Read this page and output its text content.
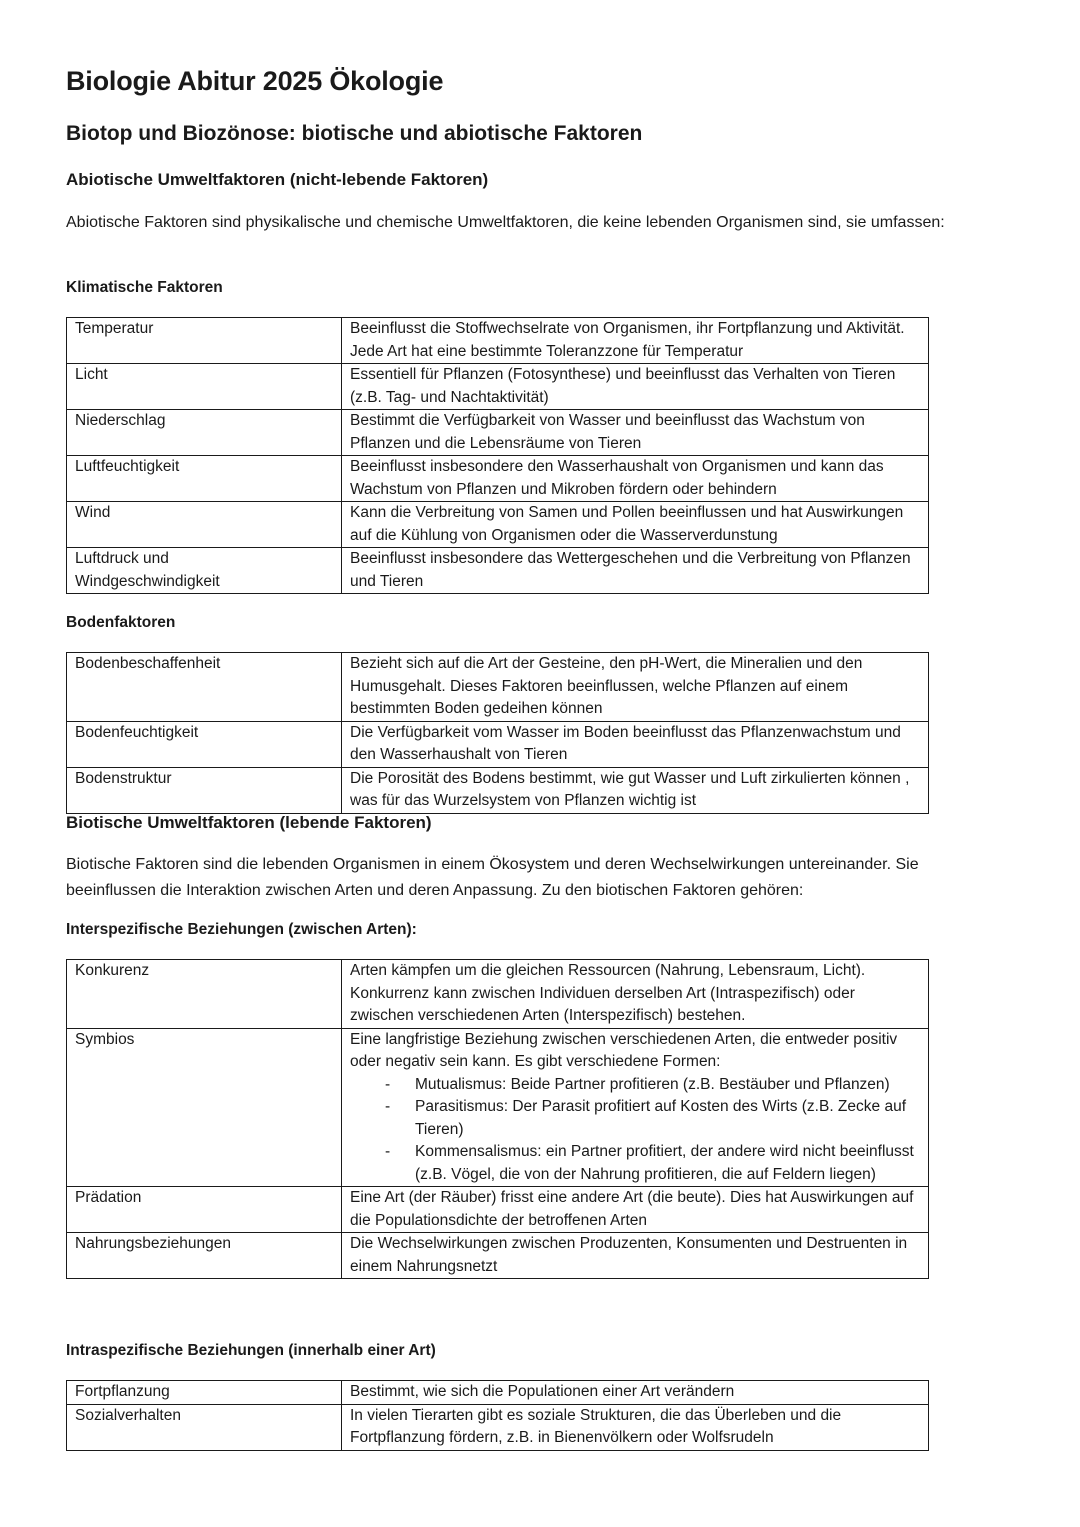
Biologie Abitur 2025 Ökologie
Biotop und Biozönose: biotische und abiotische Faktoren
Abiotische Umweltfaktoren (nicht-lebende Faktoren)
Abiotische Faktoren sind physikalische und chemische Umweltfaktoren, die keine lebenden Organismen sind, sie umfassen:
Klimatische Faktoren
Temperatur	Beeinflusst die Stoffwechselrate von Organismen, ihr Fortpflanzung und Aktivität. Jede Art hat eine bestimmte Toleranzzone für Temperatur
Licht	Essentiell für Pflanzen (Fotosynthese) und beeinflusst das Verhalten von Tieren (z.B. Tag- und Nachtaktivität)
Niederschlag	Bestimmt die Verfügbarkeit von Wasser und beeinflusst das Wachstum von Pflanzen und die Lebensräume von Tieren
Luftfeuchtigkeit	Beeinflusst insbesondere den Wasserhaushalt von Organismen und kann das Wachstum von Pflanzen und Mikroben fördern oder behindern
Wind	Kann die Verbreitung von Samen und Pollen beeinflussen und hat Auswirkungen auf die Kühlung von Organismen oder die Wasserverdunstung
Luftdruck und Windgeschwindigkeit	Beeinflusst insbesondere das Wettergeschehen und die Verbreitung von Pflanzen und Tieren
Bodenfaktoren
Bodenbeschaffenheit	Bezieht sich auf die Art der Gesteine, den pH-Wert, die Mineralien und den Humusgehalt. Dieses Faktoren beeinflussen, welche Pflanzen auf einem bestimmten Boden gedeihen können
Bodenfeuchtigkeit	Die Verfügbarkeit vom Wasser im Boden beeinflusst das Pflanzenwachstum und den Wasserhaushalt von Tieren
Bodenstruktur	Die Porosität des Bodens bestimmt, wie gut Wasser und Luft zirkulierten können , was für das Wurzelsystem von Pflanzen wichtig ist
Biotische Umweltfaktoren (lebende Faktoren)
Biotische Faktoren sind die lebenden Organismen in einem Ökosystem und deren Wechselwirkungen untereinander. Sie beeinflussen die Interaktion zwischen Arten und deren Anpassung. Zu den biotischen Faktoren gehören:
Interspezifische Beziehungen (zwischen Arten):
Konkurenz	Arten kämpfen um die gleichen Ressourcen (Nahrung, Lebensraum, Licht). Konkurrenz kann zwischen Individuen derselben Art (Intraspezifisch) oder zwischen verschiedenen Arten (Interspezifisch) bestehen.
Symbios	Eine langfristige Beziehung zwischen verschiedenen Arten, die entweder positiv oder negativ sein kann. Es gibt verschiedene Formen:
- Mutualismus: Beide Partner profitieren (z.B. Bestäuber und Pflanzen)
- Parasitismus: Der Parasit profitiert auf Kosten des Wirts (z.B. Zecke auf Tieren)
- Kommensalismus: ein Partner profitiert, der andere wird nicht beeinflusst (z.B. Vögel, die von der Nahrung profitieren, die auf Feldern liegen)

Prädation	Eine Art (der Räuber) frisst eine andere Art (die beute). Dies hat Auswirkungen auf die Populationsdichte der betroffenen Arten
Nahrungsbeziehungen	Die Wechselwirkungen zwischen Produzenten, Konsumenten und Destruenten in einem Nahrungsnetzt
Intraspezifische Beziehungen (innerhalb einer Art)
Fortpflanzung	Bestimmt, wie sich die Populationen einer Art verändern
Sozialverhalten	In vielen Tierarten gibt es soziale Strukturen, die das Überleben und die Fortpflanzung fördern, z.B. in Bienenvölkern oder Wolfsrudeln
